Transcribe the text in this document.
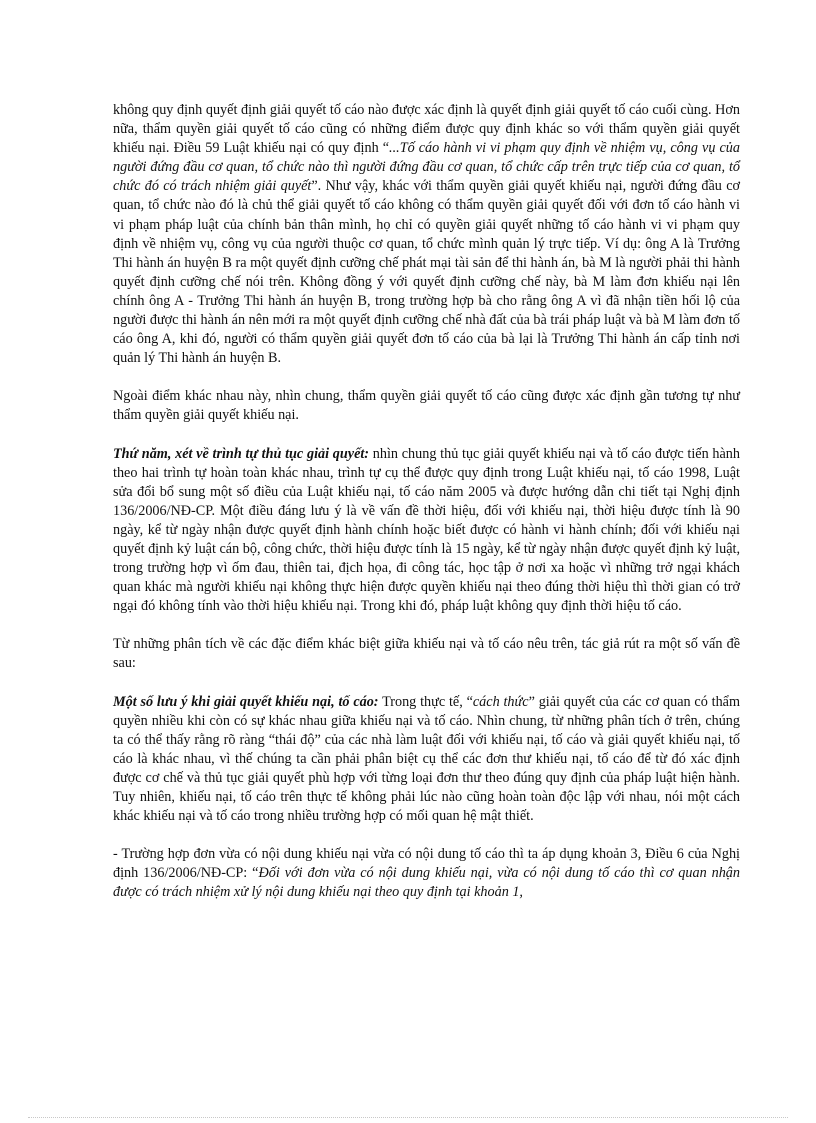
không quy định quyết định giải quyết tố cáo nào được xác định là quyết định giải quyết tố cáo cuối cùng. Hơn nữa, thẩm quyền giải quyết tố cáo cũng có những điểm được quy định khác so với thẩm quyền giải quyết khiếu nại. Điều 59 Luật khiếu nại có quy định “...Tố cáo hành vi vi phạm quy định về nhiệm vụ, công vụ của người đứng đầu cơ quan, tổ chức nào thì người đứng đầu cơ quan, tổ chức cấp trên trực tiếp của cơ quan, tổ chức đó có trách nhiệm giải quyết”. Như vậy, khác với thẩm quyền giải quyết khiếu nại, người đứng đầu cơ quan, tổ chức nào đó là chủ thể giải quyết tố cáo không có thẩm quyền giải quyết đối với đơn tố cáo hành vi vi phạm pháp luật của chính bản thân mình, họ chỉ có quyền giải quyết những tố cáo hành vi vi phạm quy định về nhiệm vụ, công vụ của người thuộc cơ quan, tổ chức mình quản lý trực tiếp. Ví dụ: ông A là Trưởng Thi hành án huyện B ra một quyết định cưỡng chế phát mại tài sản để thi hành án, bà M là người phải thi hành quyết định cưỡng chế nói trên. Không đồng ý với quyết định cưỡng chế này, bà M làm đơn khiếu nại lên chính ông A - Trưởng Thi hành án huyện B, trong trường hợp bà cho rằng ông A vì đã nhận tiền hối lộ của người được thi hành án nên mới ra một quyết định cưỡng chế nhà đất của bà trái pháp luật và bà M làm đơn tố cáo ông A, khi đó, người có thẩm quyền giải quyết đơn tố cáo của bà lại là Trưởng Thi hành án cấp tỉnh nơi quản lý Thi hành án huyện B.

Ngoài điểm khác nhau này, nhìn chung, thẩm quyền giải quyết tố cáo cũng được xác định gần tương tự như thẩm quyền giải quyết khiếu nại.

Thứ năm, xét về trình tự thủ tục giải quyết: nhìn chung thủ tục giải quyết khiếu nại và tố cáo được tiến hành theo hai trình tự hoàn toàn khác nhau, trình tự cụ thể được quy định trong Luật khiếu nại, tố cáo 1998, Luật sửa đổi bổ sung một số điều của Luật khiếu nại, tố cáo năm 2005 và được hướng dẫn chi tiết tại Nghị định 136/2006/NĐ-CP. Một điều đáng lưu ý là về vấn đề thời hiệu, đối với khiếu nại, thời hiệu được tính là 90 ngày, kể từ ngày nhận được quyết định hành chính hoặc biết được có hành vi hành chính; đối với khiếu nại quyết định kỷ luật cán bộ, công chức, thời hiệu được tính là 15 ngày, kể từ ngày nhận được quyết định kỷ luật, trong trường hợp vì ốm đau, thiên tai, địch họa, đi công tác, học tập ở nơi xa hoặc vì những trở ngại khách quan khác mà người khiếu nại không thực hiện được quyền khiếu nại theo đúng thời hiệu thì thời gian có trở ngại đó không tính vào thời hiệu khiếu nại. Trong khi đó, pháp luật không quy định thời hiệu tố cáo.

Từ những phân tích về các đặc điểm khác biệt giữa khiếu nại và tố cáo nêu trên, tác giả rút ra một số vấn đề sau:

Một số lưu ý khi giải quyết khiếu nại, tố cáo: Trong thực tế, “cách thức” giải quyết của các cơ quan có thẩm quyền nhiều khi còn có sự khác nhau giữa khiếu nại và tố cáo. Nhìn chung, từ những phân tích ở trên, chúng ta có thể thấy rằng rõ ràng “thái độ” của các nhà làm luật đối với khiếu nại, tố cáo và giải quyết khiếu nại, tố cáo là khác nhau, vì thế chúng ta cần phải phân biệt cụ thể các đơn thư khiếu nại, tố cáo để từ đó xác định được cơ chế và thủ tục giải quyết phù hợp với từng loại đơn thư theo đúng quy định của pháp luật hiện hành. Tuy nhiên, khiếu nại, tố cáo trên thực tế không phải lúc nào cũng hoàn toàn độc lập với nhau, nói một cách khác khiếu nại và tố cáo trong nhiều trường hợp có mối quan hệ mật thiết.

- Trường hợp đơn vừa có nội dung khiếu nại vừa có nội dung tố cáo thì ta áp dụng khoản 3, Điều 6 của Nghị định 136/2006/NĐ-CP: “Đối với đơn vừa có nội dung khiếu nại, vừa có nội dung tố cáo thì cơ quan nhận được có trách nhiệm xử lý nội dung khiếu nại theo quy định tại khoản 1,
